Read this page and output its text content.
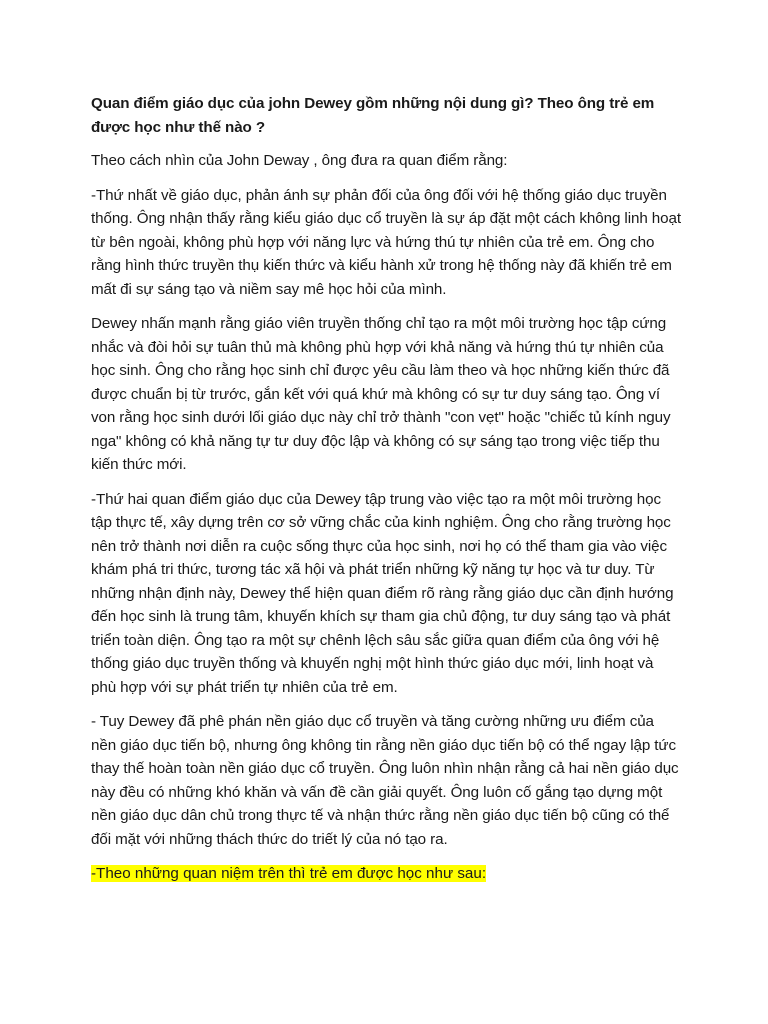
Quan điểm giáo dục của john Dewey gồm những nội dung gì? Theo ông trẻ em được học như thế nào ?

Theo cách nhìn của John Deway , ông đưa ra quan điểm rằng:

-Thứ nhất về giáo dục, phản ánh sự phản đối của ông đối với hệ thống giáo dục truyền thống. Ông nhận thấy rằng kiểu giáo dục cổ truyền là sự áp đặt một cách không linh hoạt từ bên ngoài, không phù hợp với năng lực và hứng thú tự nhiên của trẻ em. Ông cho rằng hình thức truyền thụ kiến thức và kiểu hành xử trong hệ thống này đã khiến trẻ em mất đi sự sáng tạo và niềm say mê học hỏi của mình.

Dewey nhấn mạnh rằng giáo viên truyền thống chỉ tạo ra một môi trường học tập cứng nhắc và đòi hỏi sự tuân thủ mà không phù hợp với khả năng và hứng thú tự nhiên của học sinh. Ông cho rằng học sinh chỉ được yêu cầu làm theo và học những kiến thức đã được chuẩn bị từ trước, gắn kết với quá khứ mà không có sự tư duy sáng tạo. Ông ví von rằng học sinh dưới lối giáo dục này chỉ trở thành "con vẹt" hoặc "chiếc tủ kính nguy nga" không có khả năng tự tư duy độc lập và không có sự sáng tạo trong việc tiếp thu kiến thức mới.

-Thứ hai quan điểm giáo dục của Dewey tập trung vào việc tạo ra một môi trường học tập thực tế, xây dựng trên cơ sở vững chắc của kinh nghiệm. Ông cho rằng trường học nên trở thành nơi diễn ra cuộc sống thực của học sinh, nơi họ có thể tham gia vào việc khám phá tri thức, tương tác xã hội và phát triển những kỹ năng tự học và tư duy. Từ những nhận định này, Dewey thể hiện quan điểm rõ ràng rằng giáo dục cần định hướng đến học sinh là trung tâm, khuyến khích sự tham gia chủ động, tư duy sáng tạo và phát triển toàn diện. Ông tạo ra một sự chênh lệch sâu sắc giữa quan điểm của ông với hệ thống giáo dục truyền thống và khuyến nghị một hình thức giáo dục mới, linh hoạt và phù hợp với sự phát triển tự nhiên của trẻ em.

- Tuy Dewey đã phê phán nền giáo dục cổ truyền và tăng cường những ưu điểm của nền giáo dục tiến bộ, nhưng ông không tin rằng nền giáo dục tiến bộ có thể ngay lập tức thay thế hoàn toàn nền giáo dục cổ truyền. Ông luôn nhìn nhận rằng cả hai nền giáo dục này đều có những khó khăn và vấn đề cần giải quyết. Ông luôn cố gắng tạo dựng một nền giáo dục dân chủ trong thực tế và nhận thức rằng nền giáo dục tiến bộ cũng có thể đối mặt với những thách thức do triết lý của nó tạo ra.

-Theo những quan niệm trên thì trẻ em được học như sau:
